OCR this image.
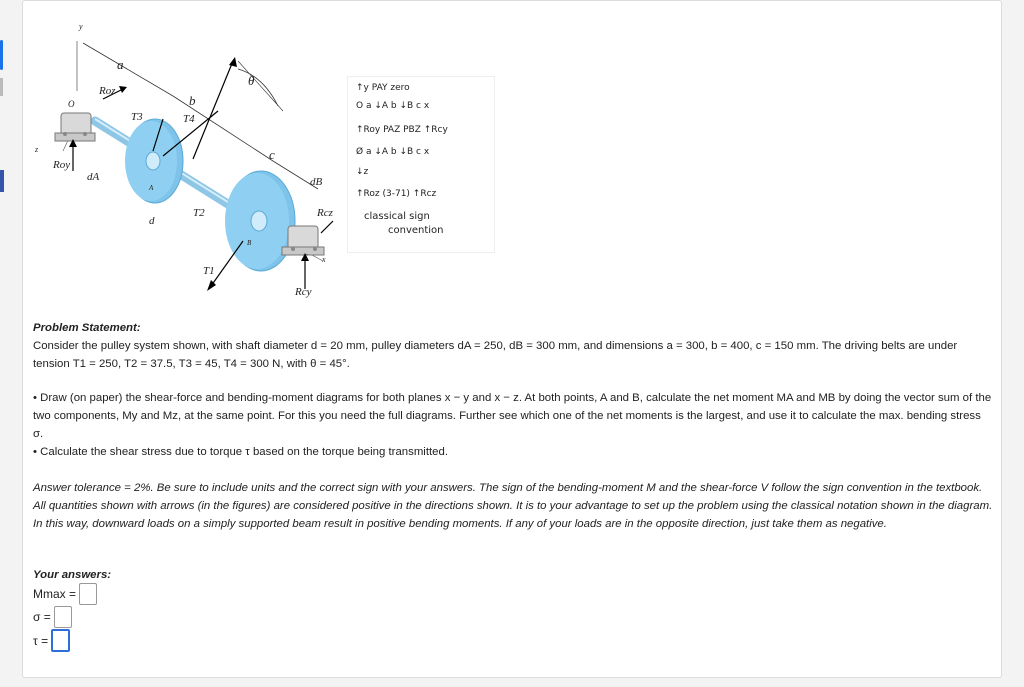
y
a
θ
Roz
b
O
T3	T4
z	c
Roy
dA	dB
A
Rcz
T2
d
B
C x
T1
Rcy
↑y PAY zero
O a ↓A b ↓B c x
↑Roy PAZ PBZ ↑Rcy
Ø a ↓A b ↓B c x
↓z
↑Roz (3-71) ↑Rcz
classical sign
convention
Problem Statement:
Consider the pulley system shown, with shaft diameter d = 20 mm, pulley diameters dA = 250, dB = 300 mm, and dimensions a = 300, b = 400, c = 150 mm. The driving belts are under tension T1 = 250, T2 = 37.5, T3 = 45, T4 = 300 N, with θ = 45°.
• Draw (on paper) the shear-force and bending-moment diagrams for both planes x − y and x − z. At both points, A and B, calculate the net moment MA and MB by doing the vector sum of the two components, My and Mz, at the same point. For this you need the full diagrams. Further see which one of the net moments is the largest, and use it to calculate the max. bending stress σ.
• Calculate the shear stress due to torque τ based on the torque being transmitted.
Answer tolerance = 2%. Be sure to include units and the correct sign with your answers. The sign of the bending-moment M and the shear-force V follow the sign convention in the textbook. All quantities shown with arrows (in the figures) are considered positive in the directions shown. It is to your advantage to set up the problem using the classical notation shown in the diagram. In this way, downward loads on a simply supported beam result in positive bending moments. If any of your loads are in the opposite direction, just take them as negative.
Your answers:
Mmax =
σ =
τ =
